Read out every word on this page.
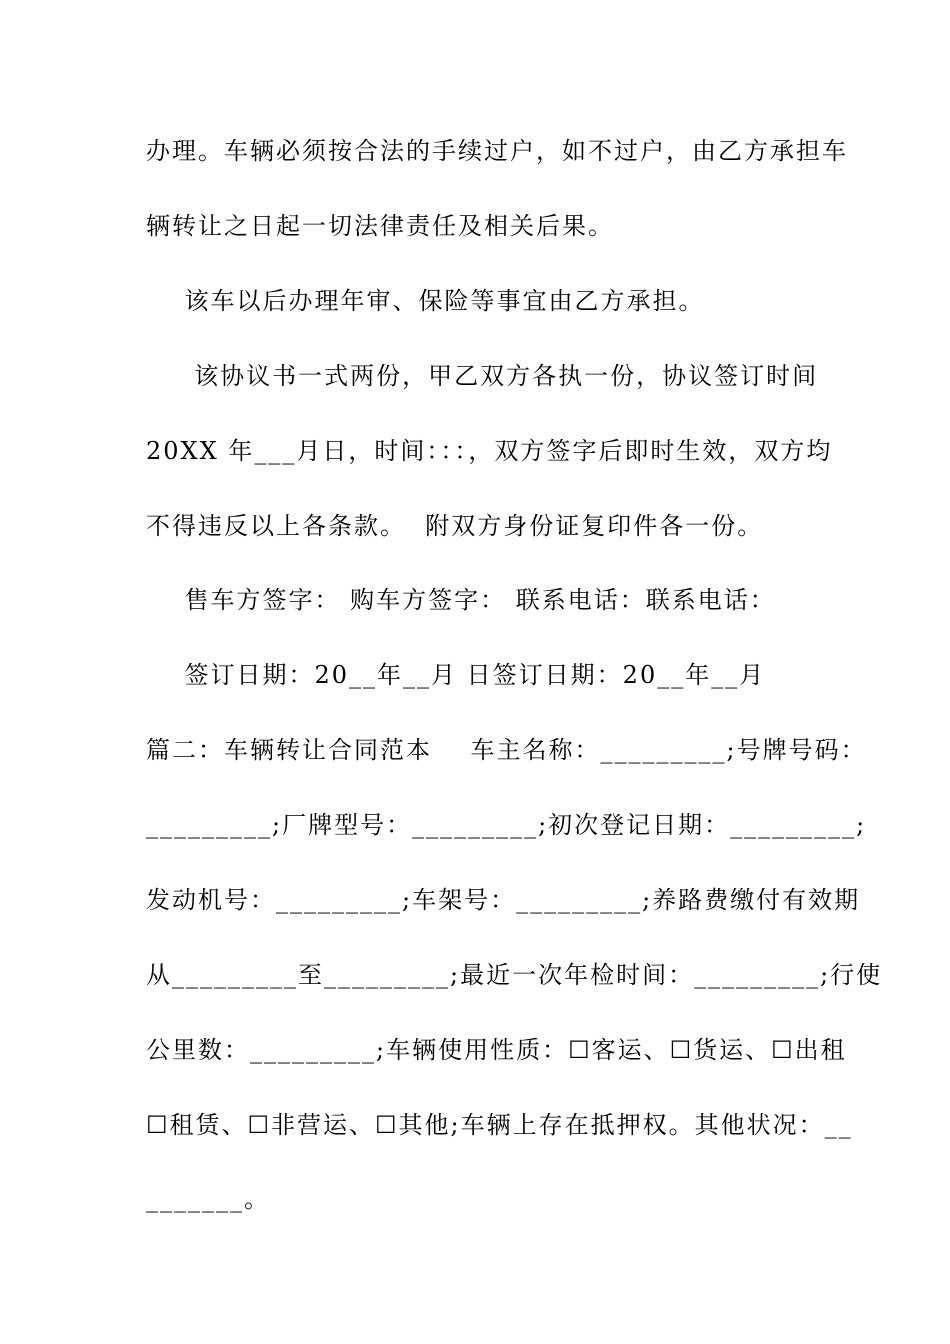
办理。车辆必须按合法的手续过户，如不过户，由乙方承担车
辆转让之日起一切法律责任及相关后果。
该车以后办理年审、保险等事宜由乙方承担。
该协议书一式两份，甲乙双方各执一份，协议签订时间
20XX 年___月日，时间：：：，双方签字后即时生效，双方均
不得违反以上各条款。  附双方身份证复印件各一份。
售车方签字： 购车方签字： 联系电话：联系电话：
签订日期：20__年__月 日签订日期：20__年__月
篇二：车辆转让合同范本    车主名称：_________;号牌号码：
_________;厂牌型号：_________;初次登记日期：_________;
发动机号：_________;车架号：_________;养路费缴付有效期
从_________至_________;最近一次年检时间：_________;行使
公里数：_________;车辆使用性质：☐客运、☐货运、☐出租
☐租赁、☐非营运、☐其他;车辆上存在抵押权。其他状况：__
_______。
